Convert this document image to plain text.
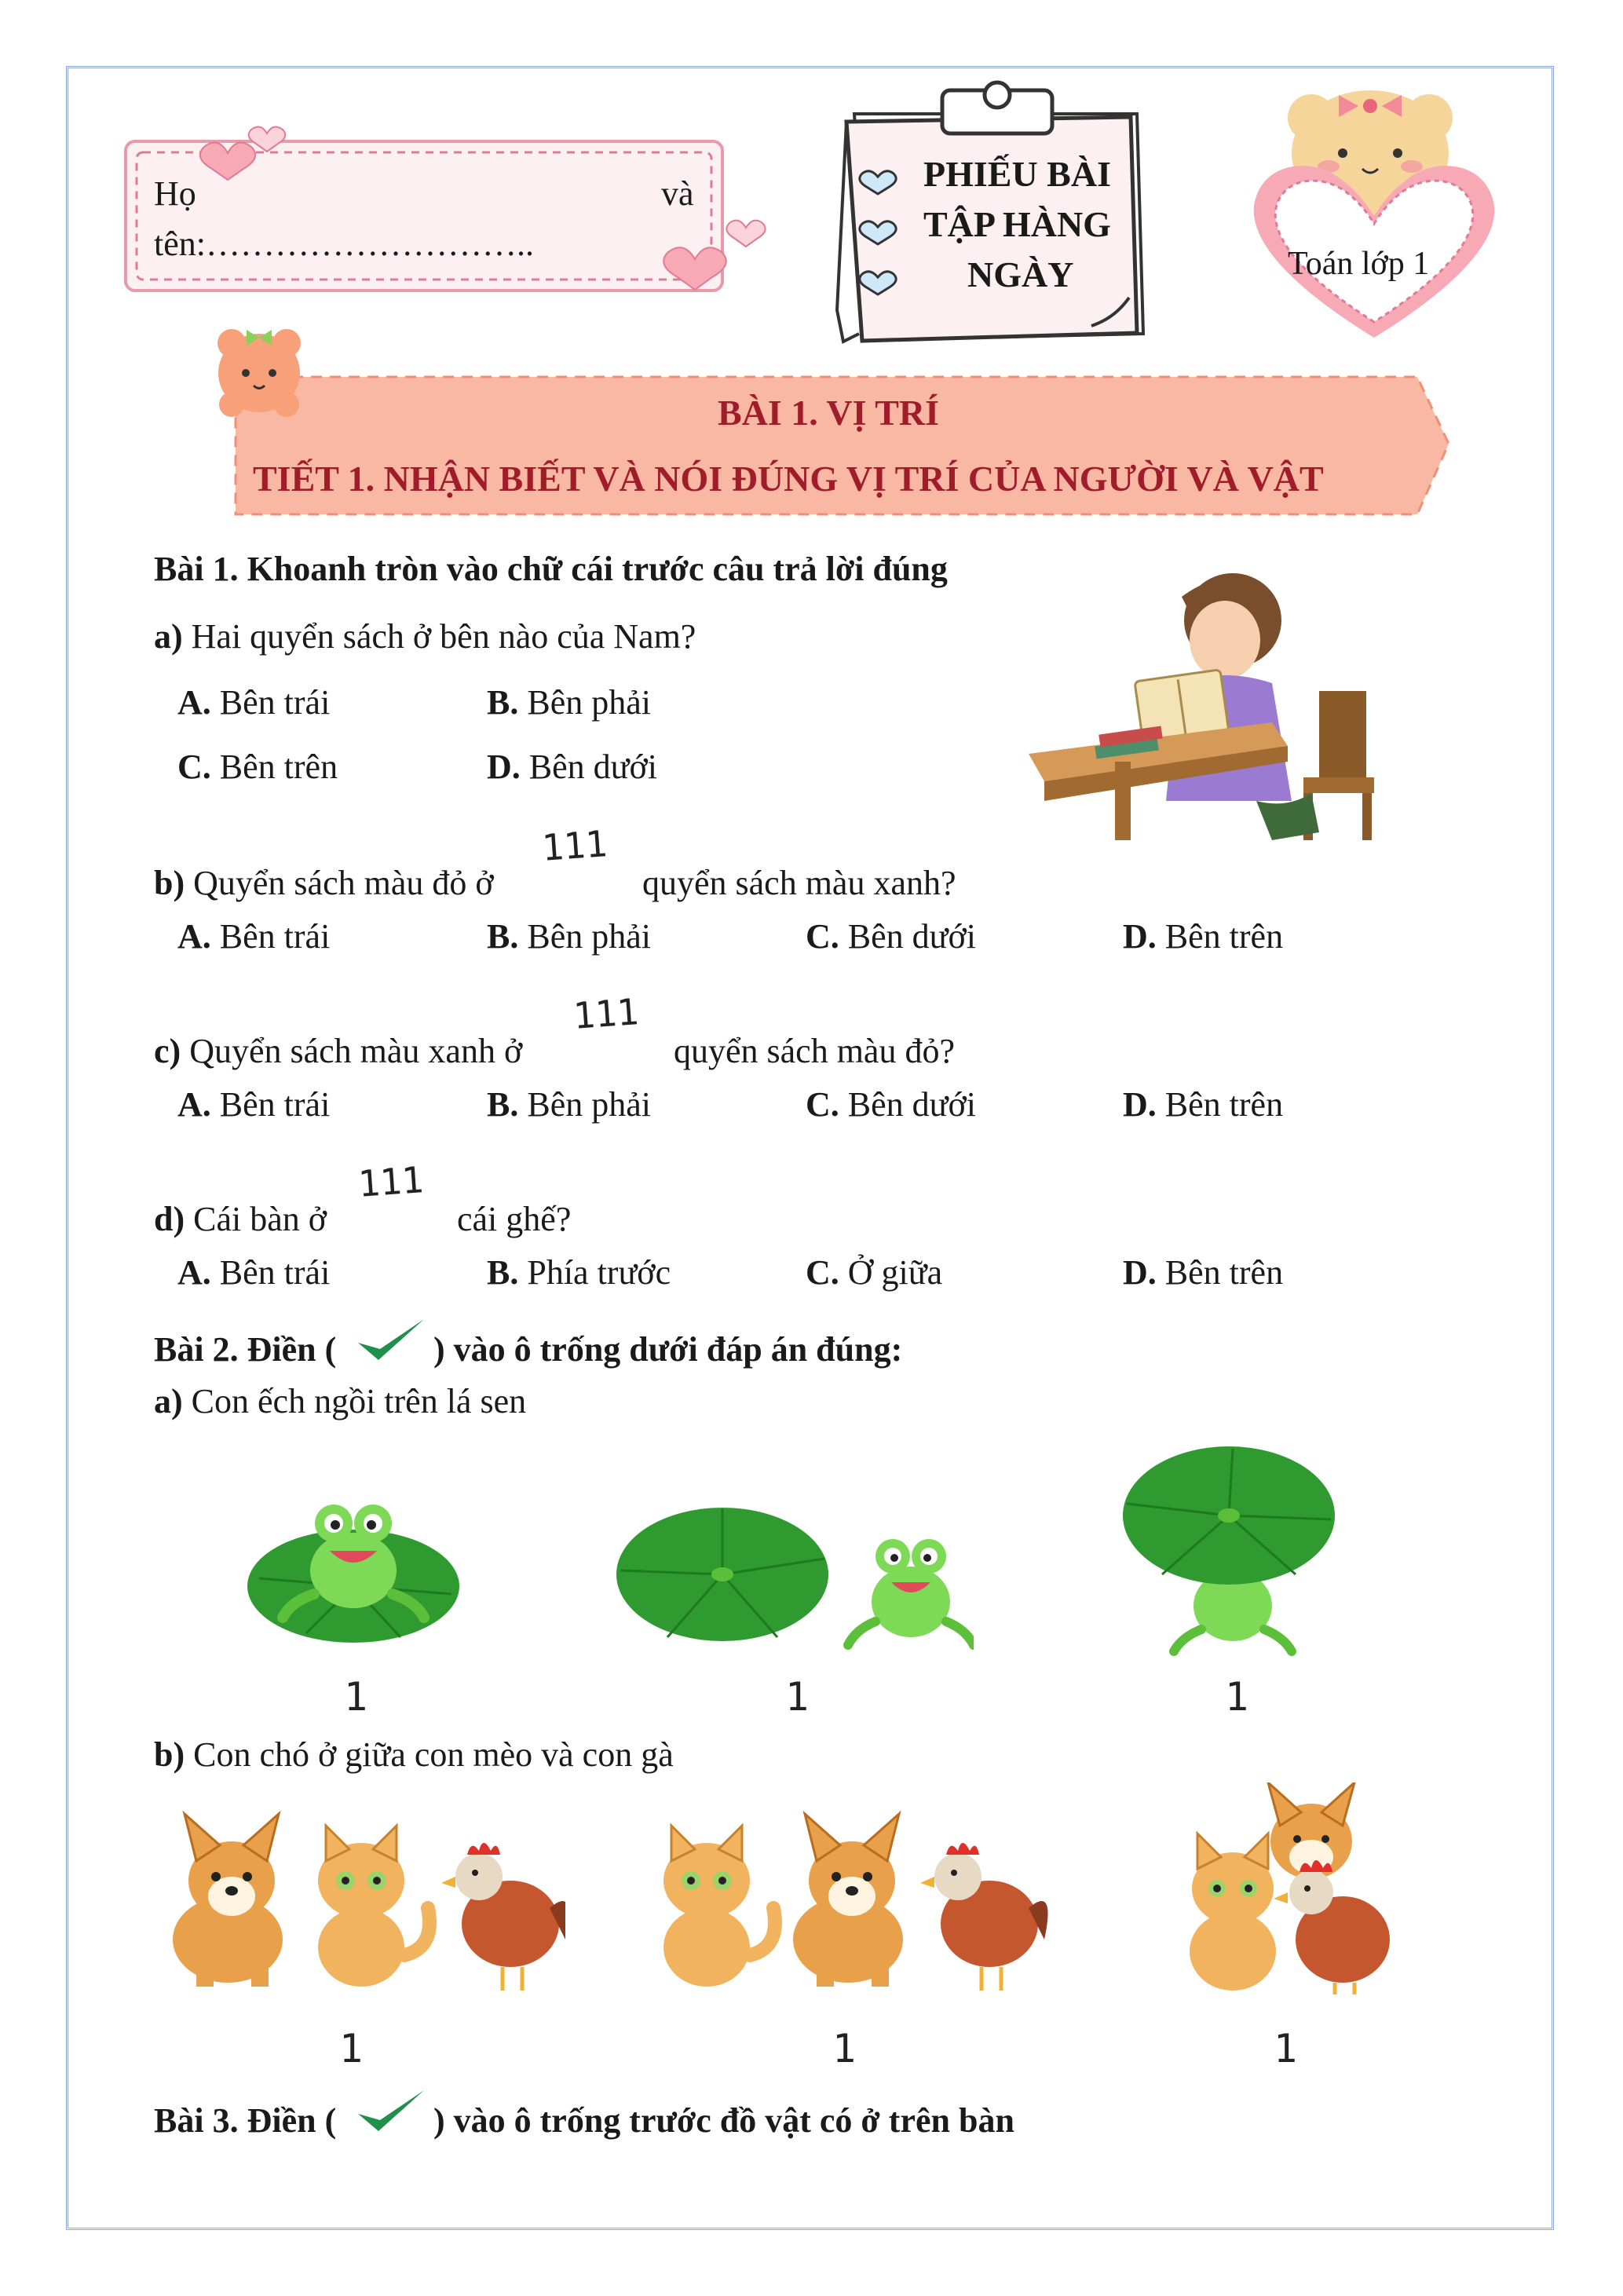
Họ	và
tên:………………………..
PHIẾU BÀI
TẬP HÀNG
NGÀY	Toán lớp 1
BÀI 1. VỊ TRÍ
TIẾT 1. NHẬN BIẾT VÀ NÓI ĐÚNG VỊ TRÍ CỦA NGƯỜI VÀ VẬT
Bài 1. Khoanh tròn vào chữ cái trước câu trả lời đúng
a) Hai quyển sách ở bên nào của Nam?
A. Bên trái	B. Bên phải
C. Bên trên	D. Bên dưới
b) Quyển sách màu đỏ ở
111
quyển sách màu xanh?
A. Bên trái	B. Bên phải	C. Bên dưới	D. Bên trên
c) Quyển sách màu xanh ở
111
quyển sách màu đỏ?
A. Bên trái	B. Bên phải	C. Bên dưới	D. Bên trên
d) Cái bàn ở
111
cái ghế?
A. Bên trái	B. Phía trước	C. Ở giữa	D. Bên trên
Bài 2. Điền (	) vào ô trống dưới đáp án đúng:
a) Con ếch ngồi trên lá sen
1	1	1
b) Con chó ở giữa con mèo và con gà
1	1	1
Bài 3. Điền (	) vào ô trống trước đồ vật có ở trên bàn
